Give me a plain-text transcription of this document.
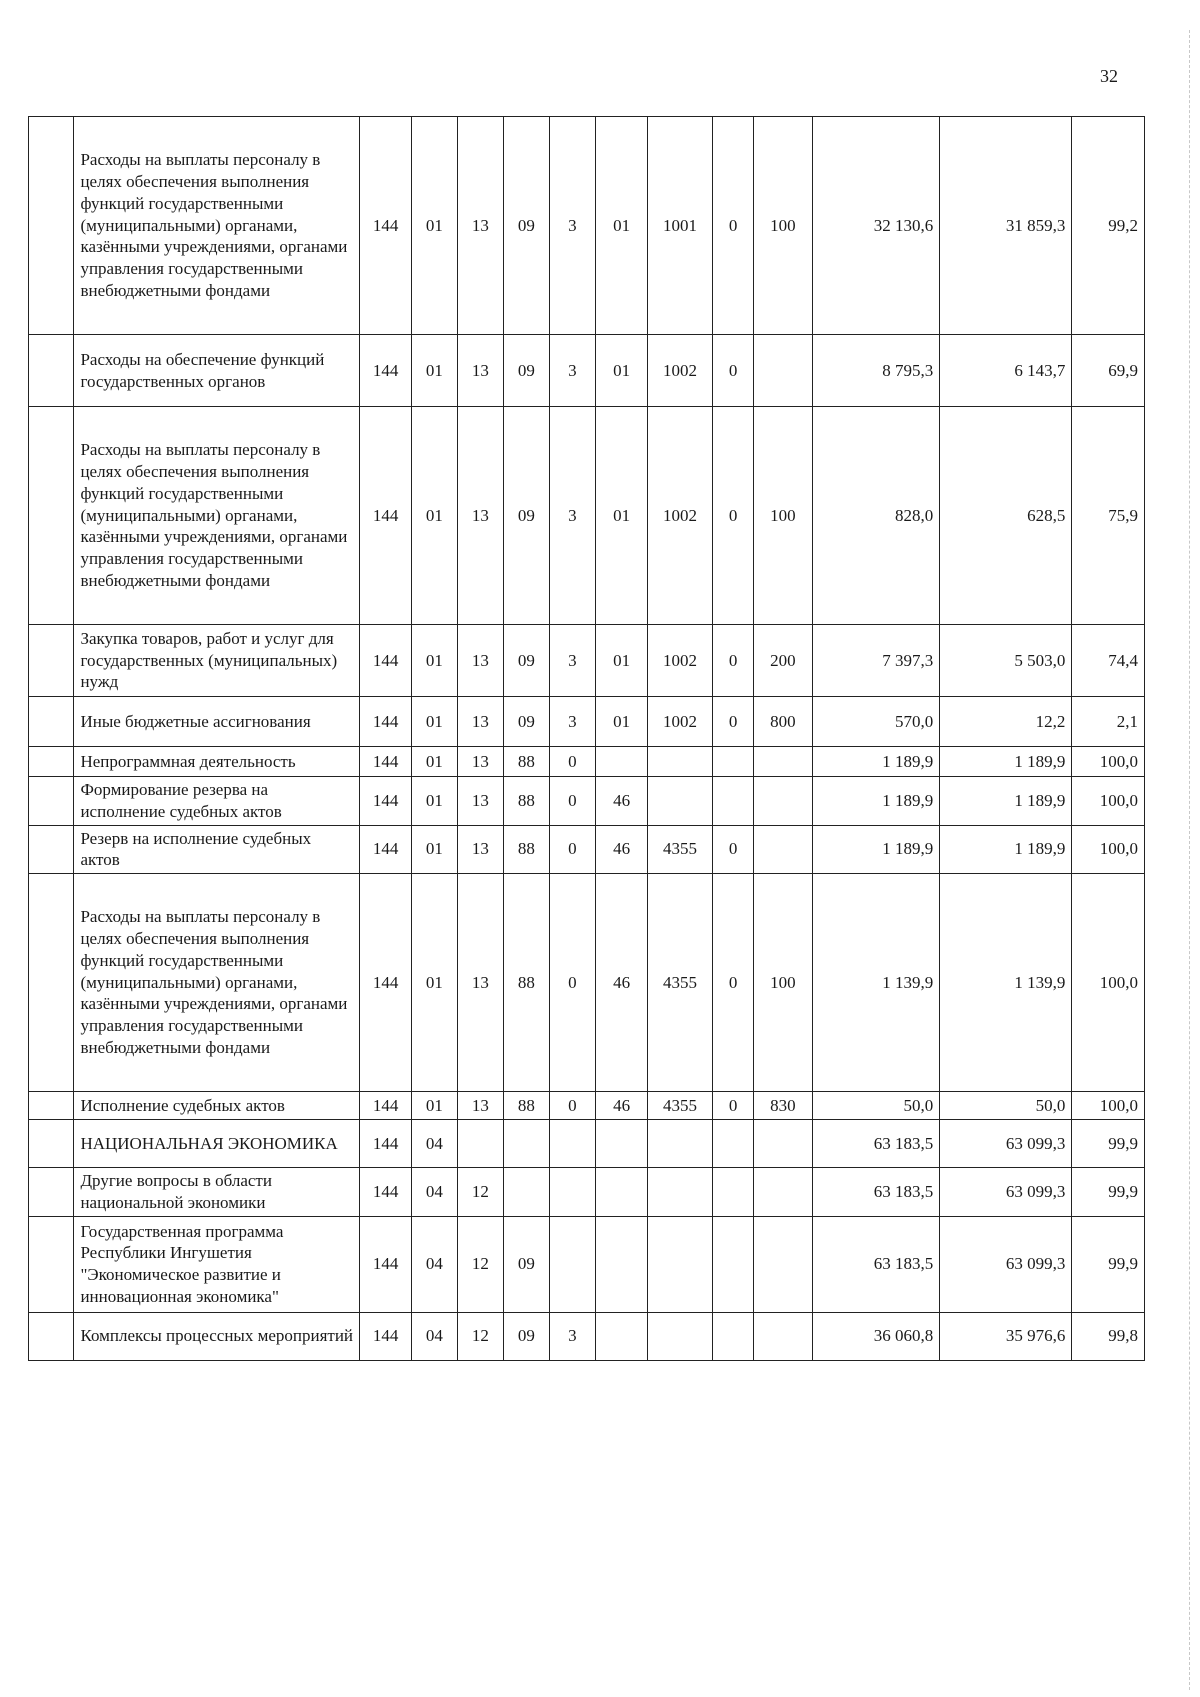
32
	Расходы на выплаты персоналу в целях обеспечения выполнения функций государственными (муниципальными) органами, казёнными учреждениями, органами управления государственными внебюджетными фондами	144	01	13	09	3	01	1001	0	100	32 130,6	31 859,3	99,2
	Расходы на обеспечение функций государственных органов	144	01	13	09	3	01	1002	0		8 795,3	6 143,7	69,9
	Расходы на выплаты персоналу в целях обеспечения выполнения функций государственными (муниципальными) органами, казёнными учреждениями, органами управления государственными внебюджетными фондами	144	01	13	09	3	01	1002	0	100	828,0	628,5	75,9
	Закупка товаров, работ и услуг для государственных (муниципальных) нужд	144	01	13	09	3	01	1002	0	200	7 397,3	5 503,0	74,4
	Иные бюджетные ассигнования	144	01	13	09	3	01	1002	0	800	570,0	12,2	2,1
	Непрограммная деятельность	144	01	13	88	0					1 189,9	1 189,9	100,0
	Формирование резерва на исполнение судебных актов	144	01	13	88	0	46				1 189,9	1 189,9	100,0
	Резерв на исполнение судебных актов	144	01	13	88	0	46	4355	0		1 189,9	1 189,9	100,0
	Расходы на выплаты персоналу в целях обеспечения выполнения функций государственными (муниципальными) органами, казёнными учреждениями, органами управления государственными внебюджетными фондами	144	01	13	88	0	46	4355	0	100	1 139,9	1 139,9	100,0
	Исполнение судебных актов	144	01	13	88	0	46	4355	0	830	50,0	50,0	100,0
	НАЦИОНАЛЬНАЯ ЭКОНОМИКА	144	04								63 183,5	63 099,3	99,9
	Другие вопросы в области национальной экономики	144	04	12							63 183,5	63 099,3	99,9
	Государственная программа Республики Ингушетия "Экономическое развитие и инновационная экономика"	144	04	12	09						63 183,5	63 099,3	99,9
	Комплексы процессных мероприятий	144	04	12	09	3					36 060,8	35 976,6	99,8
